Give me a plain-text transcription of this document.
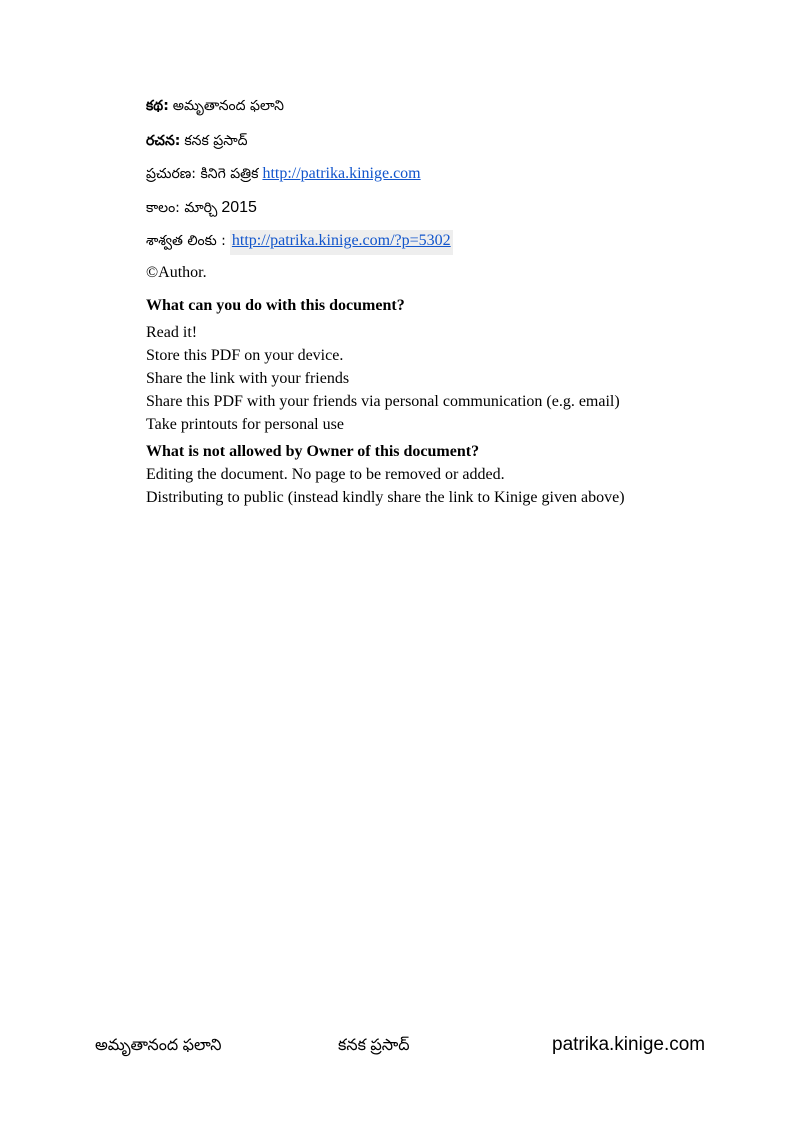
కథ: అమృతానంద ఫలాని
రచన: కనక ప్రసాద్
ప్రచురణ: కినిగె పత్రిక http://patrika.kinige.com
కాలం: మార్చి 2015
శాశ్వత లింకు : http://patrika.kinige.com/?p=5302
©Author.
What can you do with this document?
Read it!
Store this PDF on your device.
Share the link with your friends
Share this PDF with your friends via personal communication (e.g. email)
Take printouts for personal use
What is not allowed by Owner of this document?
Editing the document. No page to be removed or added.
Distributing to public (instead kindly share the link to Kinige given above)
అమృతానంద ఫలాని	కనక ప్రసాద్	patrika.kinige.com
